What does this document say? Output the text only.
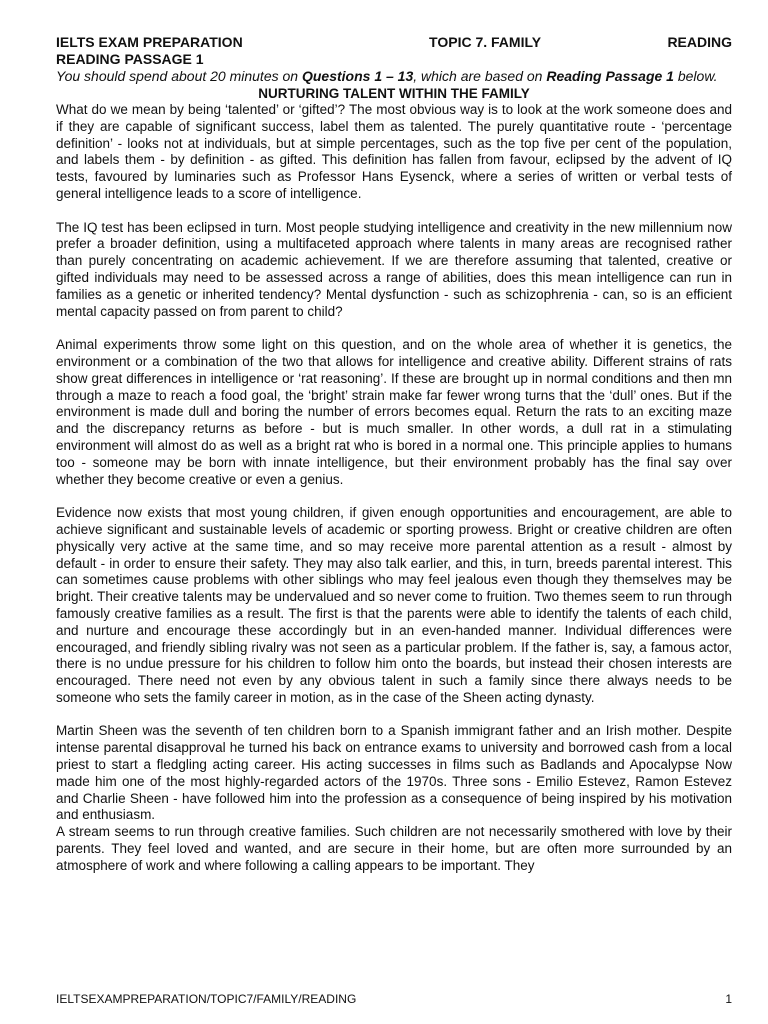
IELTS EXAM PREPARATION	TOPIC 7. FAMILY	READING
READING PASSAGE 1
You should spend about 20 minutes on Questions 1 – 13, which are based on Reading Passage 1 below.
NURTURING TALENT WITHIN THE FAMILY

What do we mean by being ‘talented’ or ‘gifted’? The most obvious way is to look at the work someone does and if they are capable of significant success, label them as talented. The purely quantitative route - ‘percentage definition’ - looks not at individuals, but at simple percentages, such as the top five per cent of the population, and labels them - by definition - as gifted. This definition has fallen from favour, eclipsed by the advent of IQ tests, favoured by luminaries such as Professor Hans Eysenck, where a series of written or verbal tests of general intelligence leads to a score of intelligence.

The IQ test has been eclipsed in turn. Most people studying intelligence and creativity in the new millennium now prefer a broader definition, using a multifaceted approach where talents in many areas are recognised rather than purely concentrating on academic achievement. If we are therefore assuming that talented, creative or gifted individuals may need to be assessed across a range of abilities, does this mean intelligence can run in families as a genetic or inherited tendency? Mental dysfunction - such as schizophrenia - can, so is an efficient mental capacity passed on from parent to child?

Animal experiments throw some light on this question, and on the whole area of whether it is genetics, the environment or a combination of the two that allows for intelligence and creative ability. Different strains of rats show great differences in intelligence or ‘rat reasoning’. If these are brought up in normal conditions and then mn through a maze to reach a food goal, the ‘bright’ strain make far fewer wrong turns that the ‘dull’ ones. But if the environment is made dull and boring the number of errors becomes equal. Return the rats to an exciting maze and the discrepancy returns as before - but is much smaller. In other words, a dull rat in a stimulating environment will almost do as well as a bright rat who is bored in a normal one. This principle applies to humans too - someone may be born with innate intelligence, but their environment probably has the final say over whether they become creative or even a genius.

Evidence now exists that most young children, if given enough opportunities and encouragement, are able to achieve significant and sustainable levels of academic or sporting prowess. Bright or creative children are often physically very active at the same time, and so may receive more parental attention as a result - almost by default - in order to ensure their safety. They may also talk earlier, and this, in turn, breeds parental interest. This can sometimes cause problems with other siblings who may feel jealous even though they themselves may be bright. Their creative talents may be undervalued and so never come to fruition. Two themes seem to run through famously creative families as a result. The first is that the parents were able to identify the talents of each child, and nurture and encourage these accordingly but in an even-handed manner. Individual differences were encouraged, and friendly sibling rivalry was not seen as a particular problem. If the father is, say, a famous actor, there is no undue pressure for his children to follow him onto the boards, but instead their chosen interests are encouraged. There need not even by any obvious talent in such a family since there always needs to be someone who sets the family career in motion, as in the case of the Sheen acting dynasty.

Martin Sheen was the seventh of ten children born to a Spanish immigrant father and an Irish mother. Despite intense parental disapproval he turned his back on entrance exams to university and borrowed cash from a local priest to start a fledgling acting career. His acting successes in films such as Badlands and Apocalypse Now made him one of the most highly-regarded actors of the 1970s. Three sons - Emilio Estevez, Ramon Estevez and Charlie Sheen - have followed him into the profession as a consequence of being inspired by his motivation and enthusiasm.

A stream seems to run through creative families. Such children are not necessarily smothered with love by their parents. They feel loved and wanted, and are secure in their home, but are often more surrounded by an atmosphere of work and where following a calling appears to be important. They

IELTSEXAMPREPARATION/TOPIC7/FAMILY/READING	1
